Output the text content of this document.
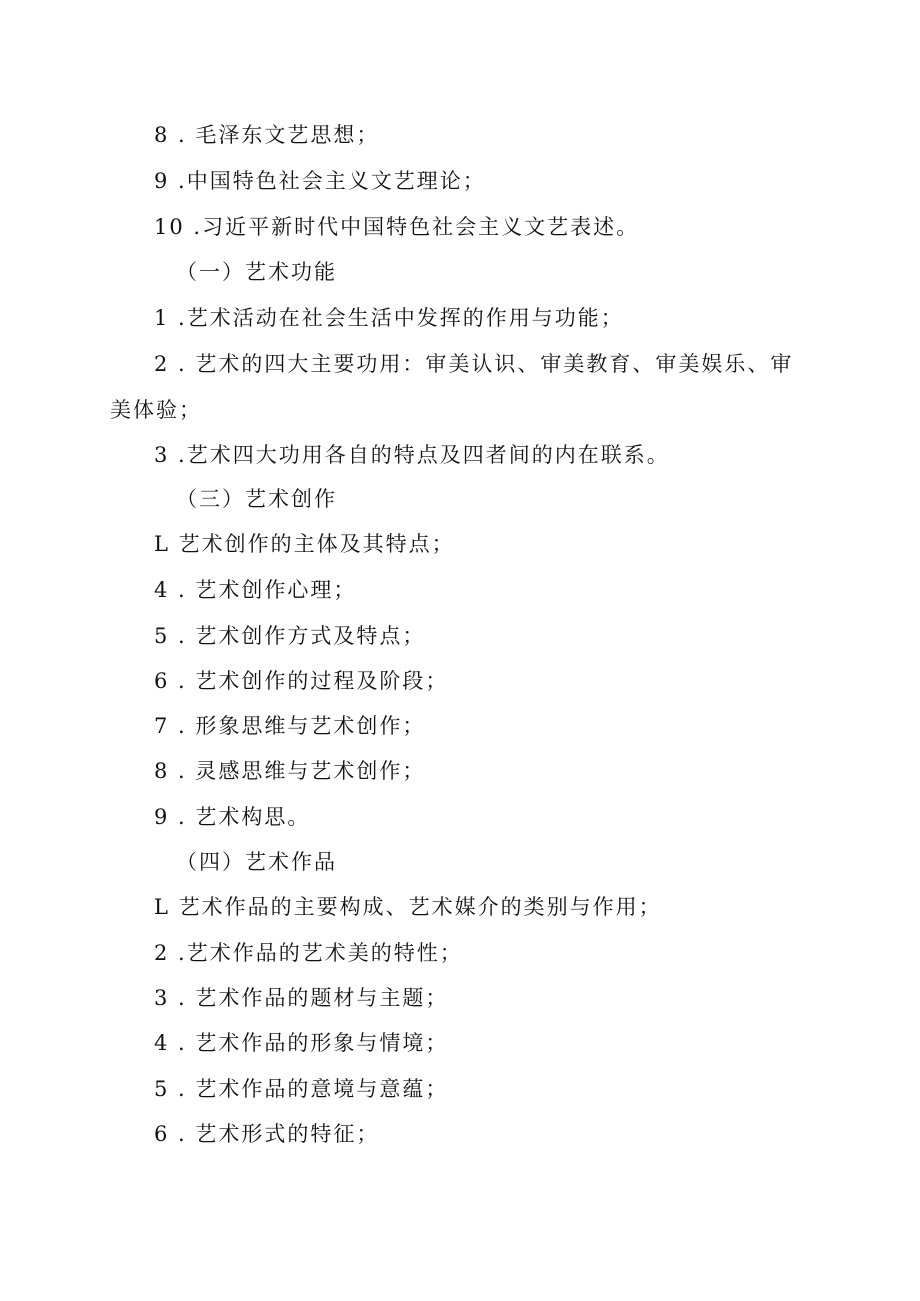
8 . 毛泽东文艺思想；
9 .中国特色社会主义文艺理论；
10 .习近平新时代中国特色社会主义文艺表述。
（一）艺术功能
1 .艺术活动在社会生活中发挥的作用与功能；
2 . 艺术的四大主要功用：审美认识、审美教育、审美娱乐、审
美体验；
3 .艺术四大功用各自的特点及四者间的内在联系。
（三）艺术创作
L 艺术创作的主体及其特点；
4 . 艺术创作心理；
5 . 艺术创作方式及特点；
6 . 艺术创作的过程及阶段；
7 . 形象思维与艺术创作；
8 . 灵感思维与艺术创作；
9 . 艺术构思。
（四）艺术作品
L 艺术作品的主要构成、艺术媒介的类别与作用；
2 .艺术作品的艺术美的特性；
3 . 艺术作品的题材与主题；
4 . 艺术作品的形象与情境；
5 . 艺术作品的意境与意蕴；
6 . 艺术形式的特征；
